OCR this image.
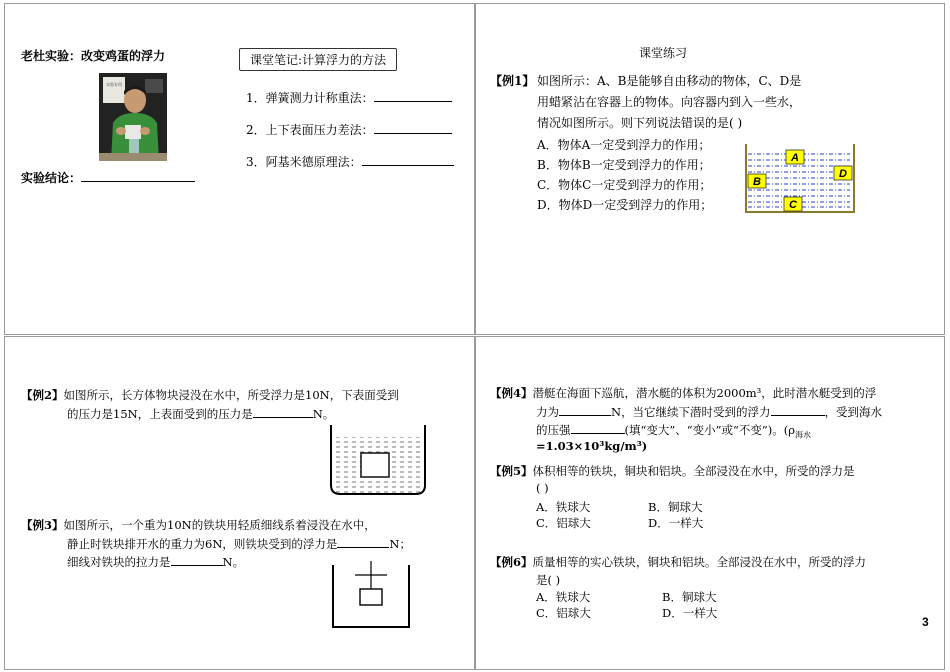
老杜实验：改变鸡蛋的浮力
实验专用
实验结论：
课堂笔记:计算浮力的方法
1．弹簧测力计称重法：
2．上下表面压力差法：
3．阿基米德原理法：
课堂练习
【例1】 如图所示：A、B是能够自由移动的物体，C、D是
用蜡紧沾在容器上的物体。向容器内到入一些水，
情况如图所示。则下列说法错误的是( )
A．物体A一定受到浮力的作用；
B．物体B一定受到浮力的作用；
C．物体C一定受到浮力的作用；
D．物体D一定受到浮力的作用；
A
B
C
D
【例2】如图所示，长方体物块浸没在水中，所受浮力是10N，下表面受到
的压力是15N，上表面受到的压力是	N。
【例3】如图所示，一个重为10N的铁块用轻质细线系着浸没在水中，
静止时铁块排开水的重力为6N，则铁块受到的浮力是	N；
细线对铁块的拉力是	N。
【例4】潜艇在海面下巡航，潜水艇的体积为2000m³，此时潜水艇受到的浮
力为	N，当它继续下潜时受到的浮力	，受到海水
的压强	(填“变大”、“变小”或“不变”)。($\rho_{海水}$
=1.03×10³kg/m³)
【例5】体积相等的铁块，铜块和铝块。全部浸没在水中，所受的浮力是
( )
A．铁球大	B．铜球大
C．铝球大	D．一样大
【例6】质量相等的实心铁块，铜块和铝块。全部浸没在水中，所受的浮力
是( )
A．铁球大	B．铜球大
C．铝球大	D．一样大
3
